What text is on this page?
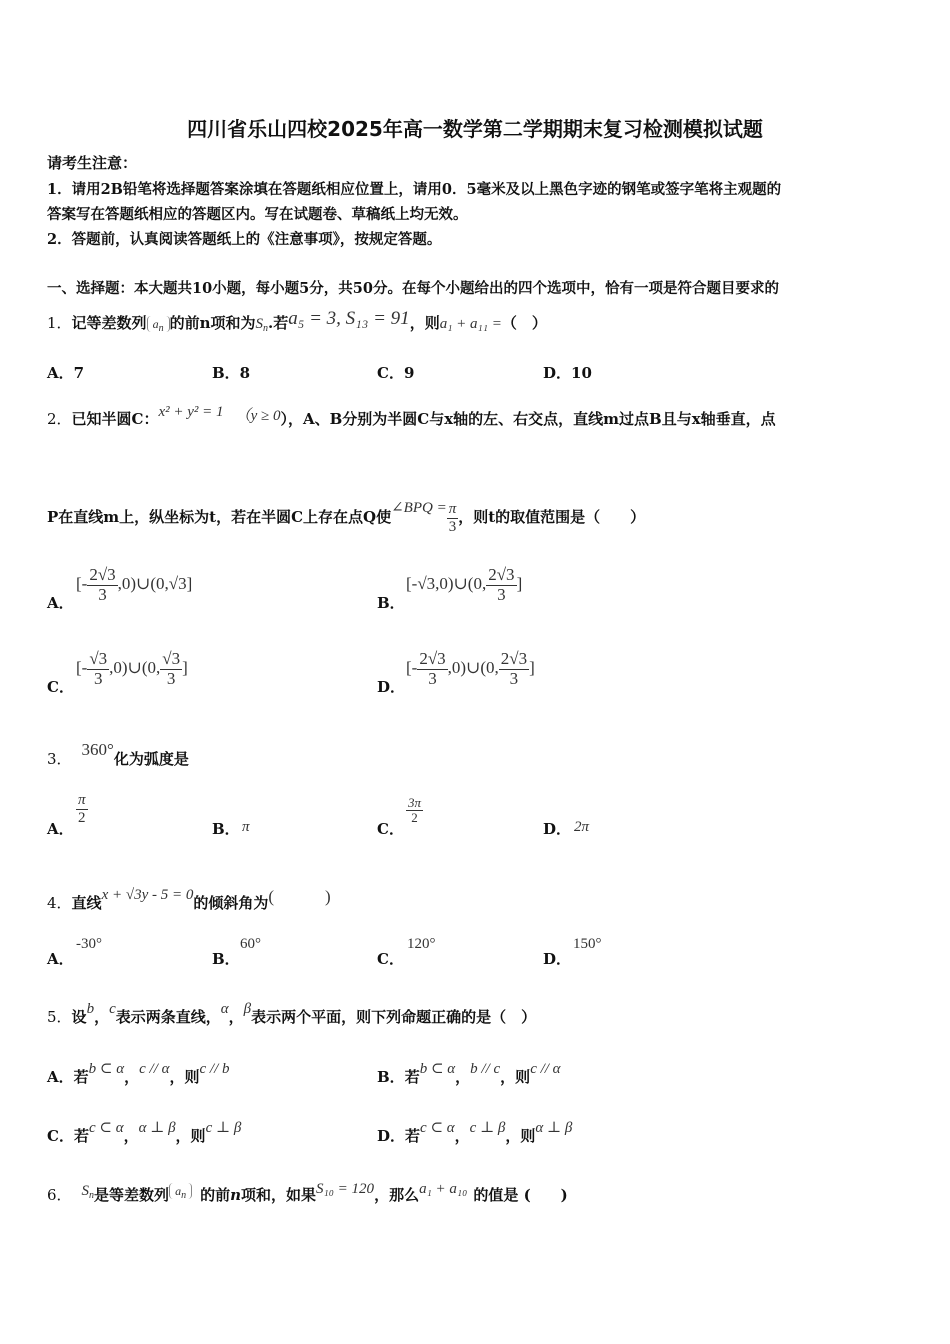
四川省乐山四校2025年高一数学第二学期期末复习检测模拟试题
请考生注意：
1．请用2B铅笔将选择题答案涂填在答题纸相应位置上，请用0．5毫米及以上黑色字迹的钢笔或签字笔将主观题的
答案写在答题纸相应的答题区内。写在试题卷、草稿纸上均无效。
2．答题前，认真阅读答题纸上的《注意事项》，按规定答题。
一、选择题：本大题共10小题，每小题5分，共50分。在每个小题给出的四个选项中，恰有一项是符合题目要求的
1．记等差数列 $a_n$ 的前n项和为$S_n$.若a₅ = 3, S₁₃ = 91，则a₁ + a₁₁ =（　）
A．7	B．8	C．9	D．10
2．已知半圆C：x² + y² = 1 （y ≥ 0），A、B分别为半圆C与x轴的左、右交点，直线m过点B且与x轴垂直，点
P在直线m上，纵坐标为t，若在半圆C上存在点Q使∠BPQ = $\frac{\pi}{3}$ ，则t的取值范围是（　　）
A．
[- $\frac{2√3}{3}$ ,0)∪(0,√3]
B．
[-√3,0)∪(0, $\frac{2√3}{3}$ ]
C．
[- $\frac{√3}{3}$ ,0)∪(0, $\frac{√3}{3}$ ]
D．
[- $\frac{2√3}{3}$ ,0)∪(0, $\frac{2√3}{3}$ ]
3． 360°化为弧度是
A．
$\frac{\pi}{2}$
B． π	C．
$\frac{3\pi}{2}$
D． 2π
4．直线x + √3y - 5 = 0的倾斜角为(　　　)
A．
-30°
B．
60°
C．
120°
D．
150°
5．设b，c表示两条直线，α，β表示两个平面，则下列命题正确的是（　）
A．若b ⊂ α，c // α，则c // b	B．若b ⊂ α，b // c，则c // α
C．若c ⊂ α，α ⊥ β，则c ⊥ β	D．若c ⊂ α，c ⊥ β，则α ⊥ β
6． $S_n$是等差数列 $^{a_n}$ 的前n项和，如果S₁₀ = 120，那么a₁ + a₁₀ 的值是 (　　)
